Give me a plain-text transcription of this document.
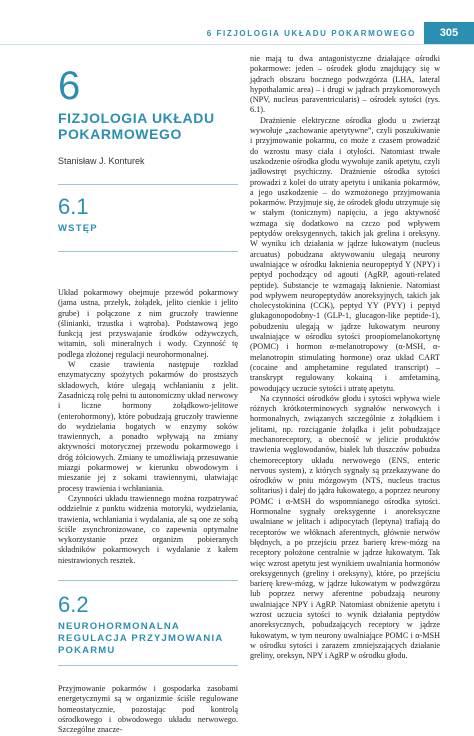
6 FIZJOLOGIA UKŁADU POKARMOWEGO	305
6
FIZJOLOGIA UKŁADU POKARMOWEGO
Stanisław J. Konturek
6.1
WSTĘP

Układ pokarmowy obejmuje przewód pokarmowy (jama ustna, przełyk, żołądek, jelito cienkie i jelito grube) i połączone z nim gruczoły trawienne (ślinianki, trzustka i wątroba). Podstawową jego funkcją jest przyswajanie środków odżywczych, witamin, soli mineralnych i wody. Czynność tę podlega złożonej regulacji neurohormonalnej.

W czasie trawienia następuje rozkład enzymatyczny spożytych pokarmów do prostszych składowych, które ulegają wchłanianiu z jelit. Zasadniczą rolę pełni tu autonomiczny układ nerwowy i liczne hormony żołądkowo-jelitowe (enterohormony), które pobudzają gruczoły trawienne do wydzielania bogatych w enzymy soków trawiennych, a ponadto wpływają na zmiany aktywności motorycznej przewodu pokarmowego i dróg żółciowych. Zmiany te umożliwiają przesuwanie miazgi pokarmowej w kierunku obwodowym i mieszanie jej z sokami trawiennymi, ułatwiając procesy trawienia i wchłaniania.

Czynności układu trawiennego można rozpatrywać oddzielnie z punktu widzenia motoryki, wydzielania, trawienia, wchłaniania i wydalania, ale są one ze sobą ściśle zsynchronizowane, co zapewnia optymalne wykorzystanie przez organizm pobieranych składników pokarmowych i wydalanie z kałem niestrawionych resztek.

6.2
NEUROHORMONALNA REGULACJA PRZYJMOWANIA POKARMU

Przyjmowanie pokarmów i gospodarka zasobami energetycznymi są w organizmie ściśle regulowane homeostatycznie, pozostając pod kontrolą ośrodkowego i obwodowego układu nerwowego. Szczególne znacze-

nie mają tu dwa antagonistyczne działające ośrodki pokarmowe: jeden – ośrodek głodu znajdujący się w jądrach obszaru bocznego podwzgórza (LHA, lateral hypothalamic area) – i drugi w jądrach przykomorowych (NPV, nucleus paraventricularis) – ośrodek sytości (rys. 6.1).

Drażnienie elektryczne ośrodka głodu u zwierząt wywołuje „zachowanie apetytywne”, czyli poszukiwanie i przyjmowanie pokarmu, co może z czasem prowadzić do wzrostu masy ciała i otyłości. Natomiast trwałe uszkodzenie ośrodka głodu wywołuje zanik apetytu, czyli jadłowstręt psychiczny. Drażnienie ośrodka sytości prowadzi z kolei do utraty apetytu i unikania pokarmów, a jego uszkodzenie – do wzmożonego przyjmowania pokarmów. Przyjmuje się, że ośrodek głodu utrzymuje się w stałym (tonicznym) napięciu, a jego aktywność wzmaga się dodatkowo na czczo pod wpływem peptydów oreksygennych, takich jak grelina i oreksyny. W wyniku ich działania w jądrze łukowatym (nucleus arcuatus) pobudzana aktywowaniu ulegają neurony uwalniające w ośrodku łaknienia neuropeptyd Y (NPY) i peptyd pochodzący od agouti (AgRP, agouti-related peptide). Substancje te wzmagają łaknienie. Natomiast pod wpływem neuropeptydów anoreksyjnych, takich jak cholecystokinina (CCK), peptyd YY (PYY) i peptyd glukagonopodobny-1 (GLP-1, glucagon-like peptide-1), pobudzeniu ulegają w jądrze łukowatym neurony uwalniające w ośrodku sytości proopiomelanokortynę (POMC) i hormon α-melanotropowy (α-MSH, α-melanotropin stimulating hormone) oraz układ CART (cocaine and amphetamine regulated transcript) – transkrypt regulowany kokainą i amfetaminą, powodujący uczucie sytości i utratę apetytu.

Na czynności ośrodków głodu i sytości wpływa wiele różnych krótkoterminowych sygnałów nerwowych i hormonalnych, związanych szczególnie z żołądkiem i jelitami, np. rozciąganie żołądka i jelit pobudzające mechanoreceptory, a obecność w jelicie produktów trawienia węglowodanów, białek lub tłuszczów pobudza chemoreceptory układu nerwowego (ENS, enteric nervous system), z których sygnały są przekazywane do ośrodków w pniu mózgowym (NTS, nucleus tractus solitarius) i dalej do jądra łukowatego, a poprzez neurony POMC i α-MSH do wspomnianego ośrodka sytości. Hormonalne sygnały oreksygenne i anoreksyczne uwalniane w jelitach i adipocytach (leptyna) trafiają do receptorów we włóknach aferentnych, głównie nerwów błędnych, a po przejściu przez barierę krew-mózg na receptory położone centralnie w jądrze łukowatym. Tak więc wzrost apetytu jest wynikiem uwalniania hormonów oreksygennych (greliny i oreksyny), które, po przejściu barierę krew-mózg, w jądrze łukowatym w podwzgórzu lub poprzez nerwy aferentne pobudzają neurony uwalniające NPY i AgRP. Natomiast obniżenie apetytu i wzrost uczucia sytości to wynik działania peptydów anoreksycznych, pobudzających receptory w jądrze łukowatym, w tym neurony uwalniające POMC i α-MSH w ośrodku sytości i zarazem zmniejszających działanie greliny, oreksyn, NPY i AgRP w ośrodku głodu.
